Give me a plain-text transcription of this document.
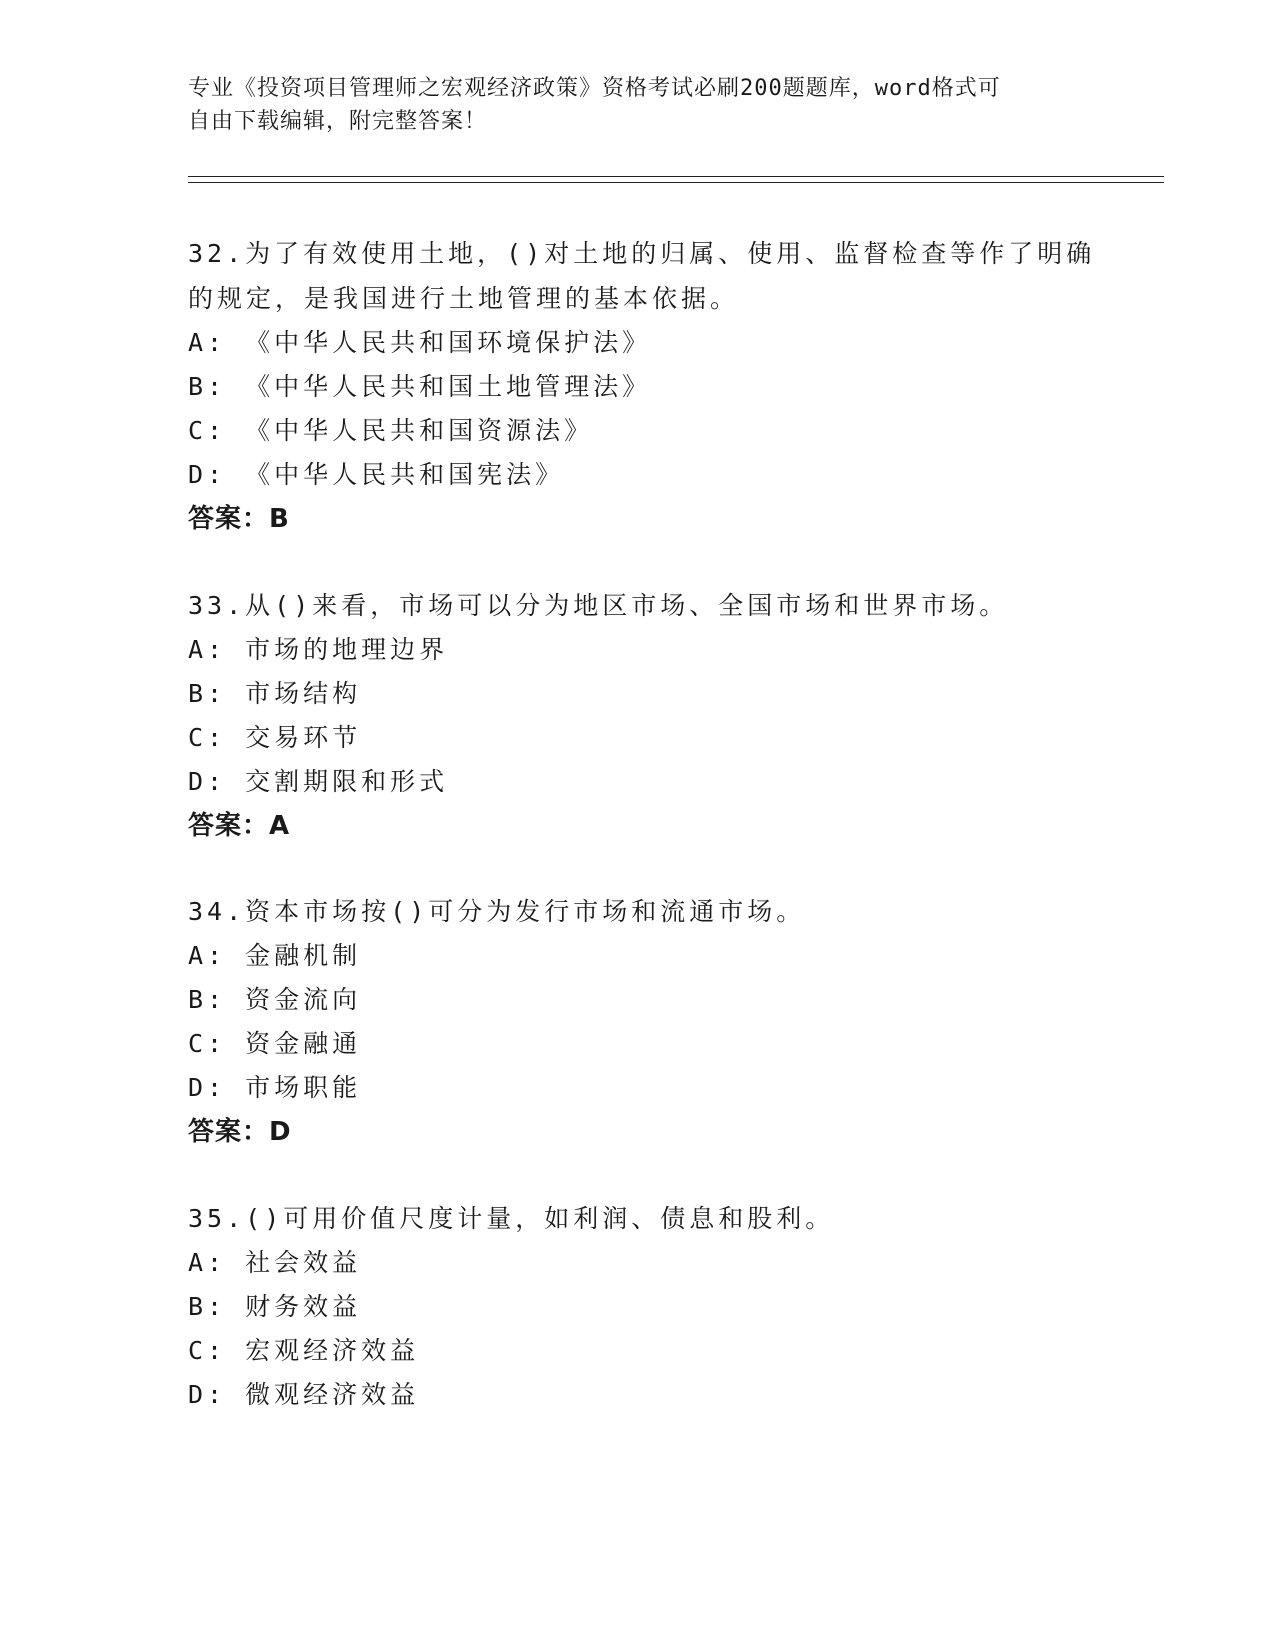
专业《投资项目管理师之宏观经济政策》资格考试必刷200题题库，word格式可
自由下载编辑，附完整答案！
32.为了有效使用土地，()对土地的归属、使用、监督检查等作了明确
的规定，是我国进行土地管理的基本依据。
A: 《中华人民共和国环境保护法》
B: 《中华人民共和国土地管理法》
C: 《中华人民共和国资源法》
D: 《中华人民共和国宪法》
答案：B
33.从()来看，市场可以分为地区市场、全国市场和世界市场。
A: 市场的地理边界
B: 市场结构
C: 交易环节
D: 交割期限和形式
答案：A
34.资本市场按()可分为发行市场和流通市场。
A: 金融机制
B: 资金流向
C: 资金融通
D: 市场职能
答案：D
35.()可用价值尺度计量，如利润、债息和股利。
A: 社会效益
B: 财务效益
C: 宏观经济效益
D: 微观经济效益
